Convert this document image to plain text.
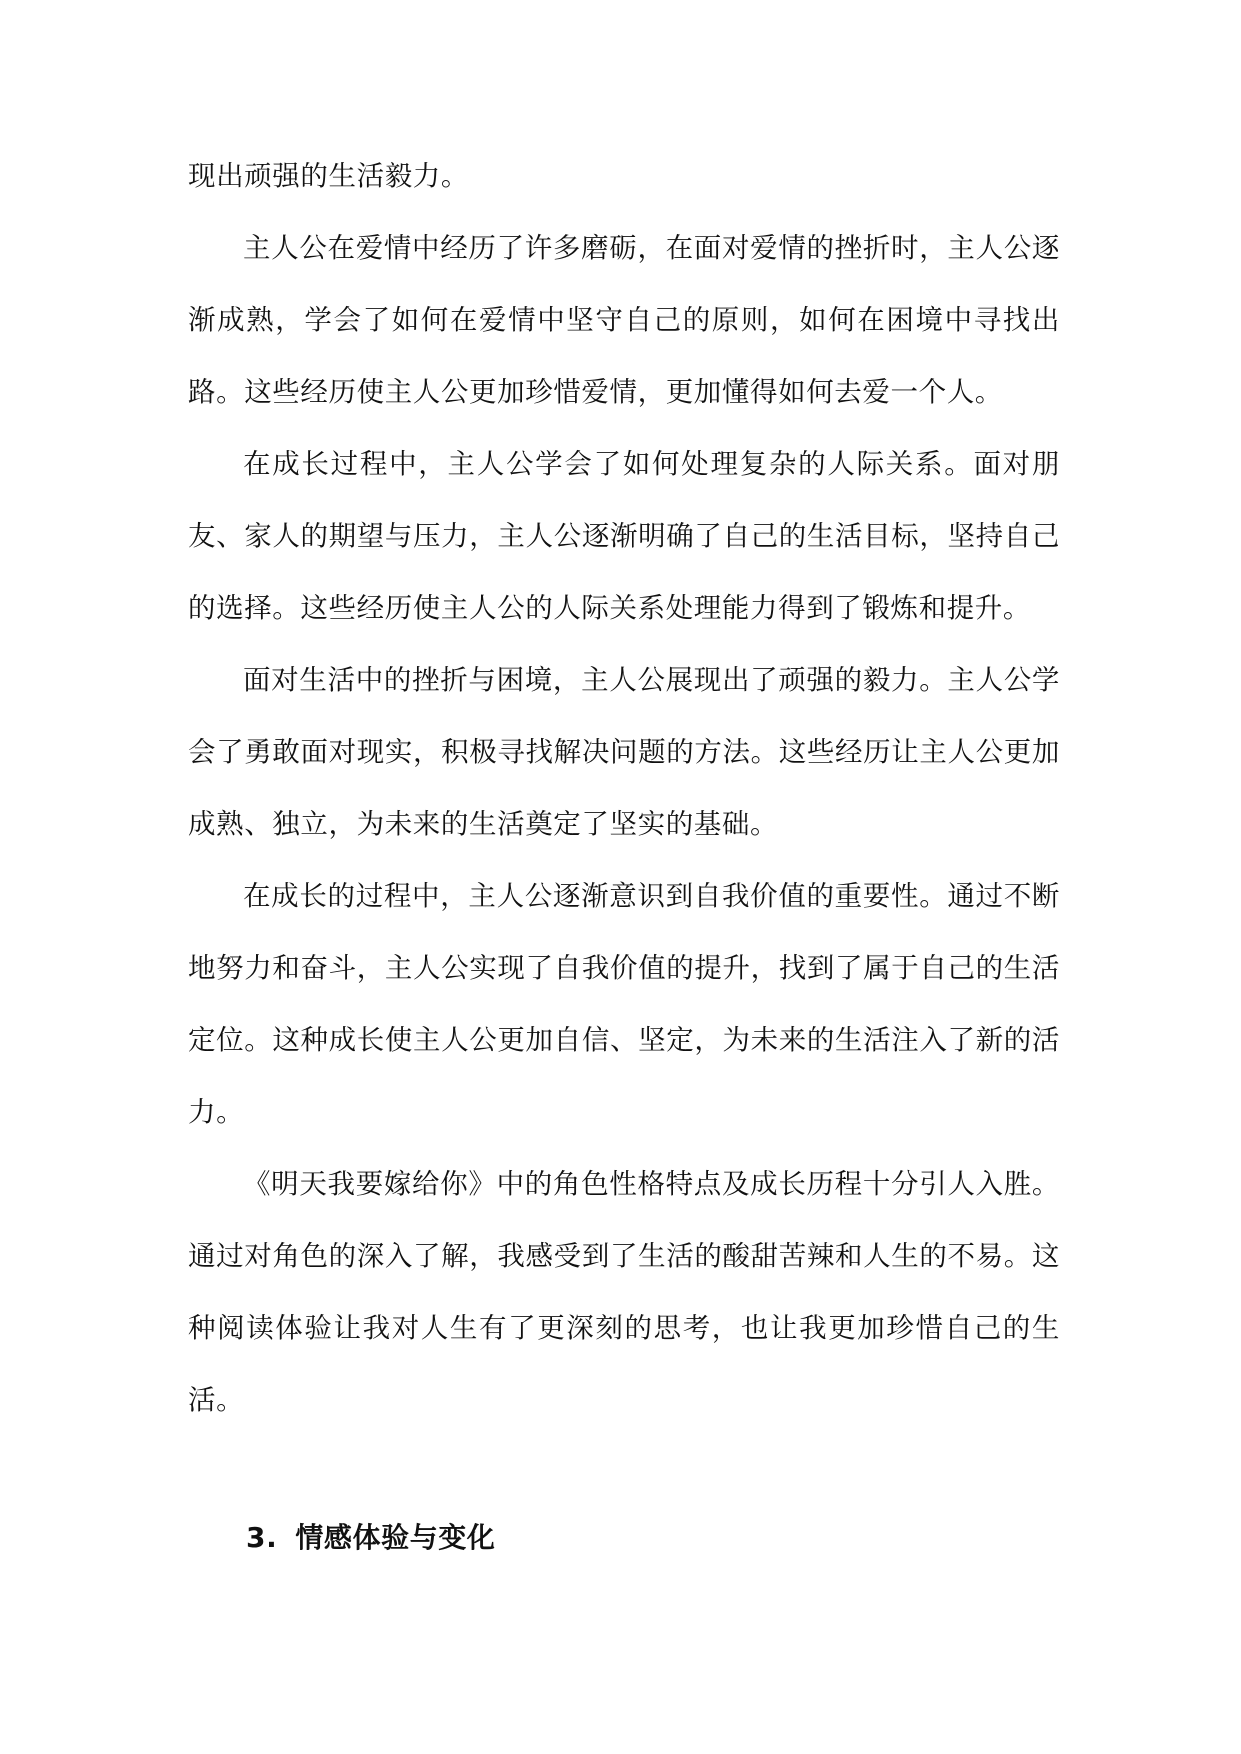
现出顽强的生活毅力。

主人公在爱情中经历了许多磨砺，在面对爱情的挫折时，主人公逐渐成熟，学会了如何在爱情中坚守自己的原则，如何在困境中寻找出路。这些经历使主人公更加珍惜爱情，更加懂得如何去爱一个人。

在成长过程中，主人公学会了如何处理复杂的人际关系。面对朋友、家人的期望与压力，主人公逐渐明确了自己的生活目标，坚持自己的选择。这些经历使主人公的人际关系处理能力得到了锻炼和提升。

面对生活中的挫折与困境，主人公展现出了顽强的毅力。主人公学会了勇敢面对现实，积极寻找解决问题的方法。这些经历让主人公更加成熟、独立，为未来的生活奠定了坚实的基础。

在成长的过程中，主人公逐渐意识到自我价值的重要性。通过不断地努力和奋斗，主人公实现了自我价值的提升，找到了属于自己的生活定位。这种成长使主人公更加自信、坚定，为未来的生活注入了新的活力。

《明天我要嫁给你》中的角色性格特点及成长历程十分引人入胜。通过对角色的深入了解，我感受到了生活的酸甜苦辣和人生的不易。这种阅读体验让我对人生有了更深刻的思考，也让我更加珍惜自己的生活。

3. 情感体验与变化
